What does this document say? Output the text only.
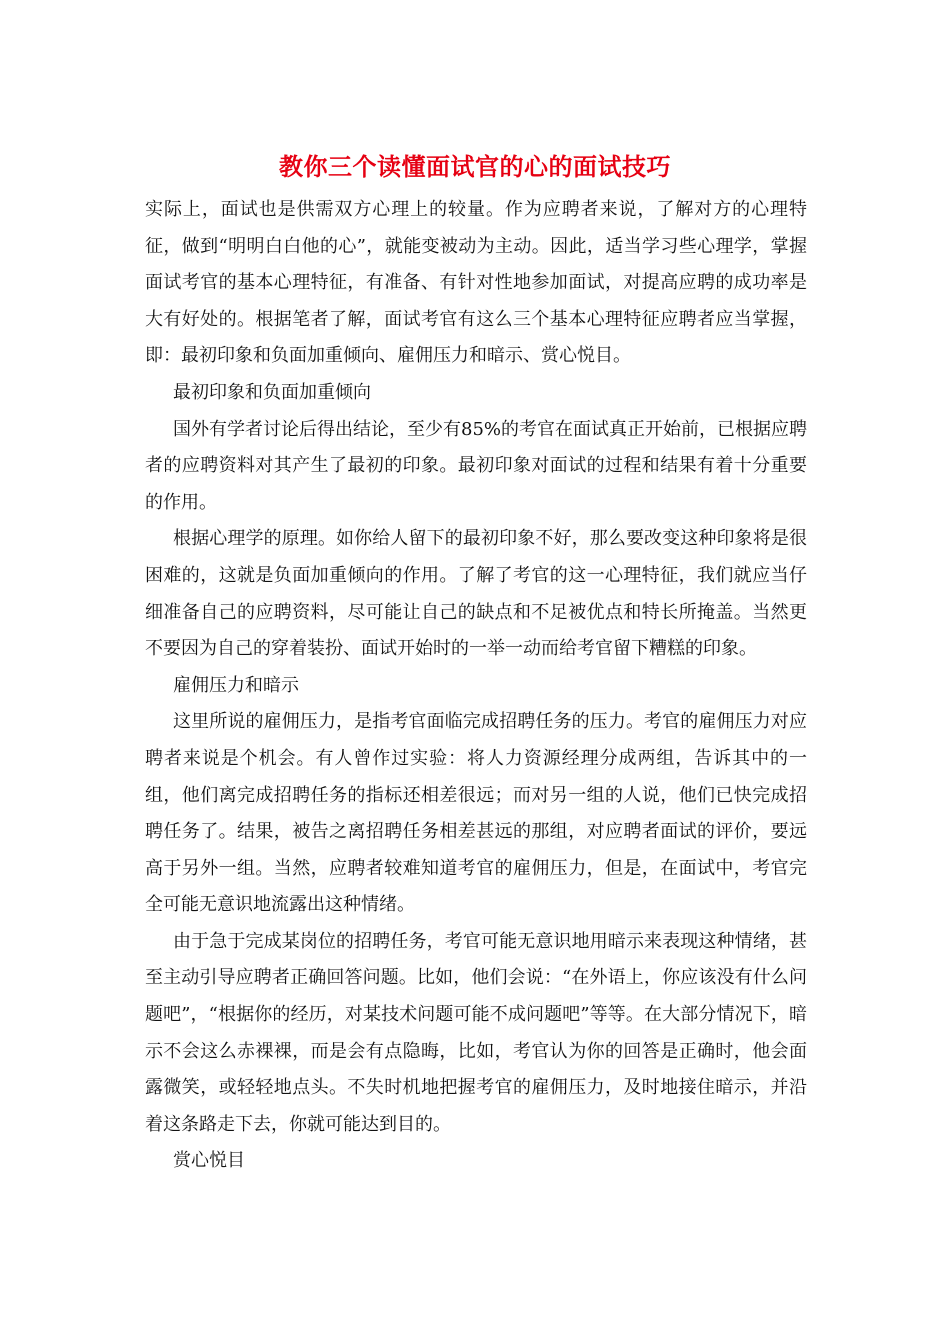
教你三个读懂面试官的心的面试技巧

实际上，面试也是供需双方心理上的较量。作为应聘者来说，了解对方的心理特征，做到“明明白白他的心”，就能变被动为主动。因此，适当学习些心理学，掌握面试考官的基本心理特征，有准备、有针对性地参加面试，对提高应聘的成功率是大有好处的。根据笔者了解，面试考官有这么三个基本心理特征应聘者应当掌握，即：最初印象和负面加重倾向、雇佣压力和暗示、赏心悦目。

最初印象和负面加重倾向

国外有学者讨论后得出结论，至少有85%的考官在面试真正开始前，已根据应聘者的应聘资料对其产生了最初的印象。最初印象对面试的过程和结果有着十分重要的作用。

根据心理学的原理。如你给人留下的最初印象不好，那么要改变这种印象将是很困难的，这就是负面加重倾向的作用。了解了考官的这一心理特征，我们就应当仔细准备自己的应聘资料，尽可能让自己的缺点和不足被优点和特长所掩盖。当然更不要因为自己的穿着装扮、面试开始时的一举一动而给考官留下糟糕的印象。

雇佣压力和暗示

这里所说的雇佣压力，是指考官面临完成招聘任务的压力。考官的雇佣压力对应聘者来说是个机会。有人曾作过实验：将人力资源经理分成两组，告诉其中的一组，他们离完成招聘任务的指标还相差很远；而对另一组的人说，他们已快完成招聘任务了。结果，被告之离招聘任务相差甚远的那组，对应聘者面试的评价，要远高于另外一组。当然，应聘者较难知道考官的雇佣压力，但是，在面试中，考官完全可能无意识地流露出这种情绪。

由于急于完成某岗位的招聘任务，考官可能无意识地用暗示来表现这种情绪，甚至主动引导应聘者正确回答问题。比如，他们会说：“在外语上，你应该没有什么问题吧”，“根据你的经历，对某技术问题可能不成问题吧”等等。在大部分情况下，暗示不会这么赤裸裸，而是会有点隐晦，比如，考官认为你的回答是正确时，他会面露微笑，或轻轻地点头。不失时机地把握考官的雇佣压力，及时地接住暗示，并沿着这条路走下去，你就可能达到目的。

赏心悦目
